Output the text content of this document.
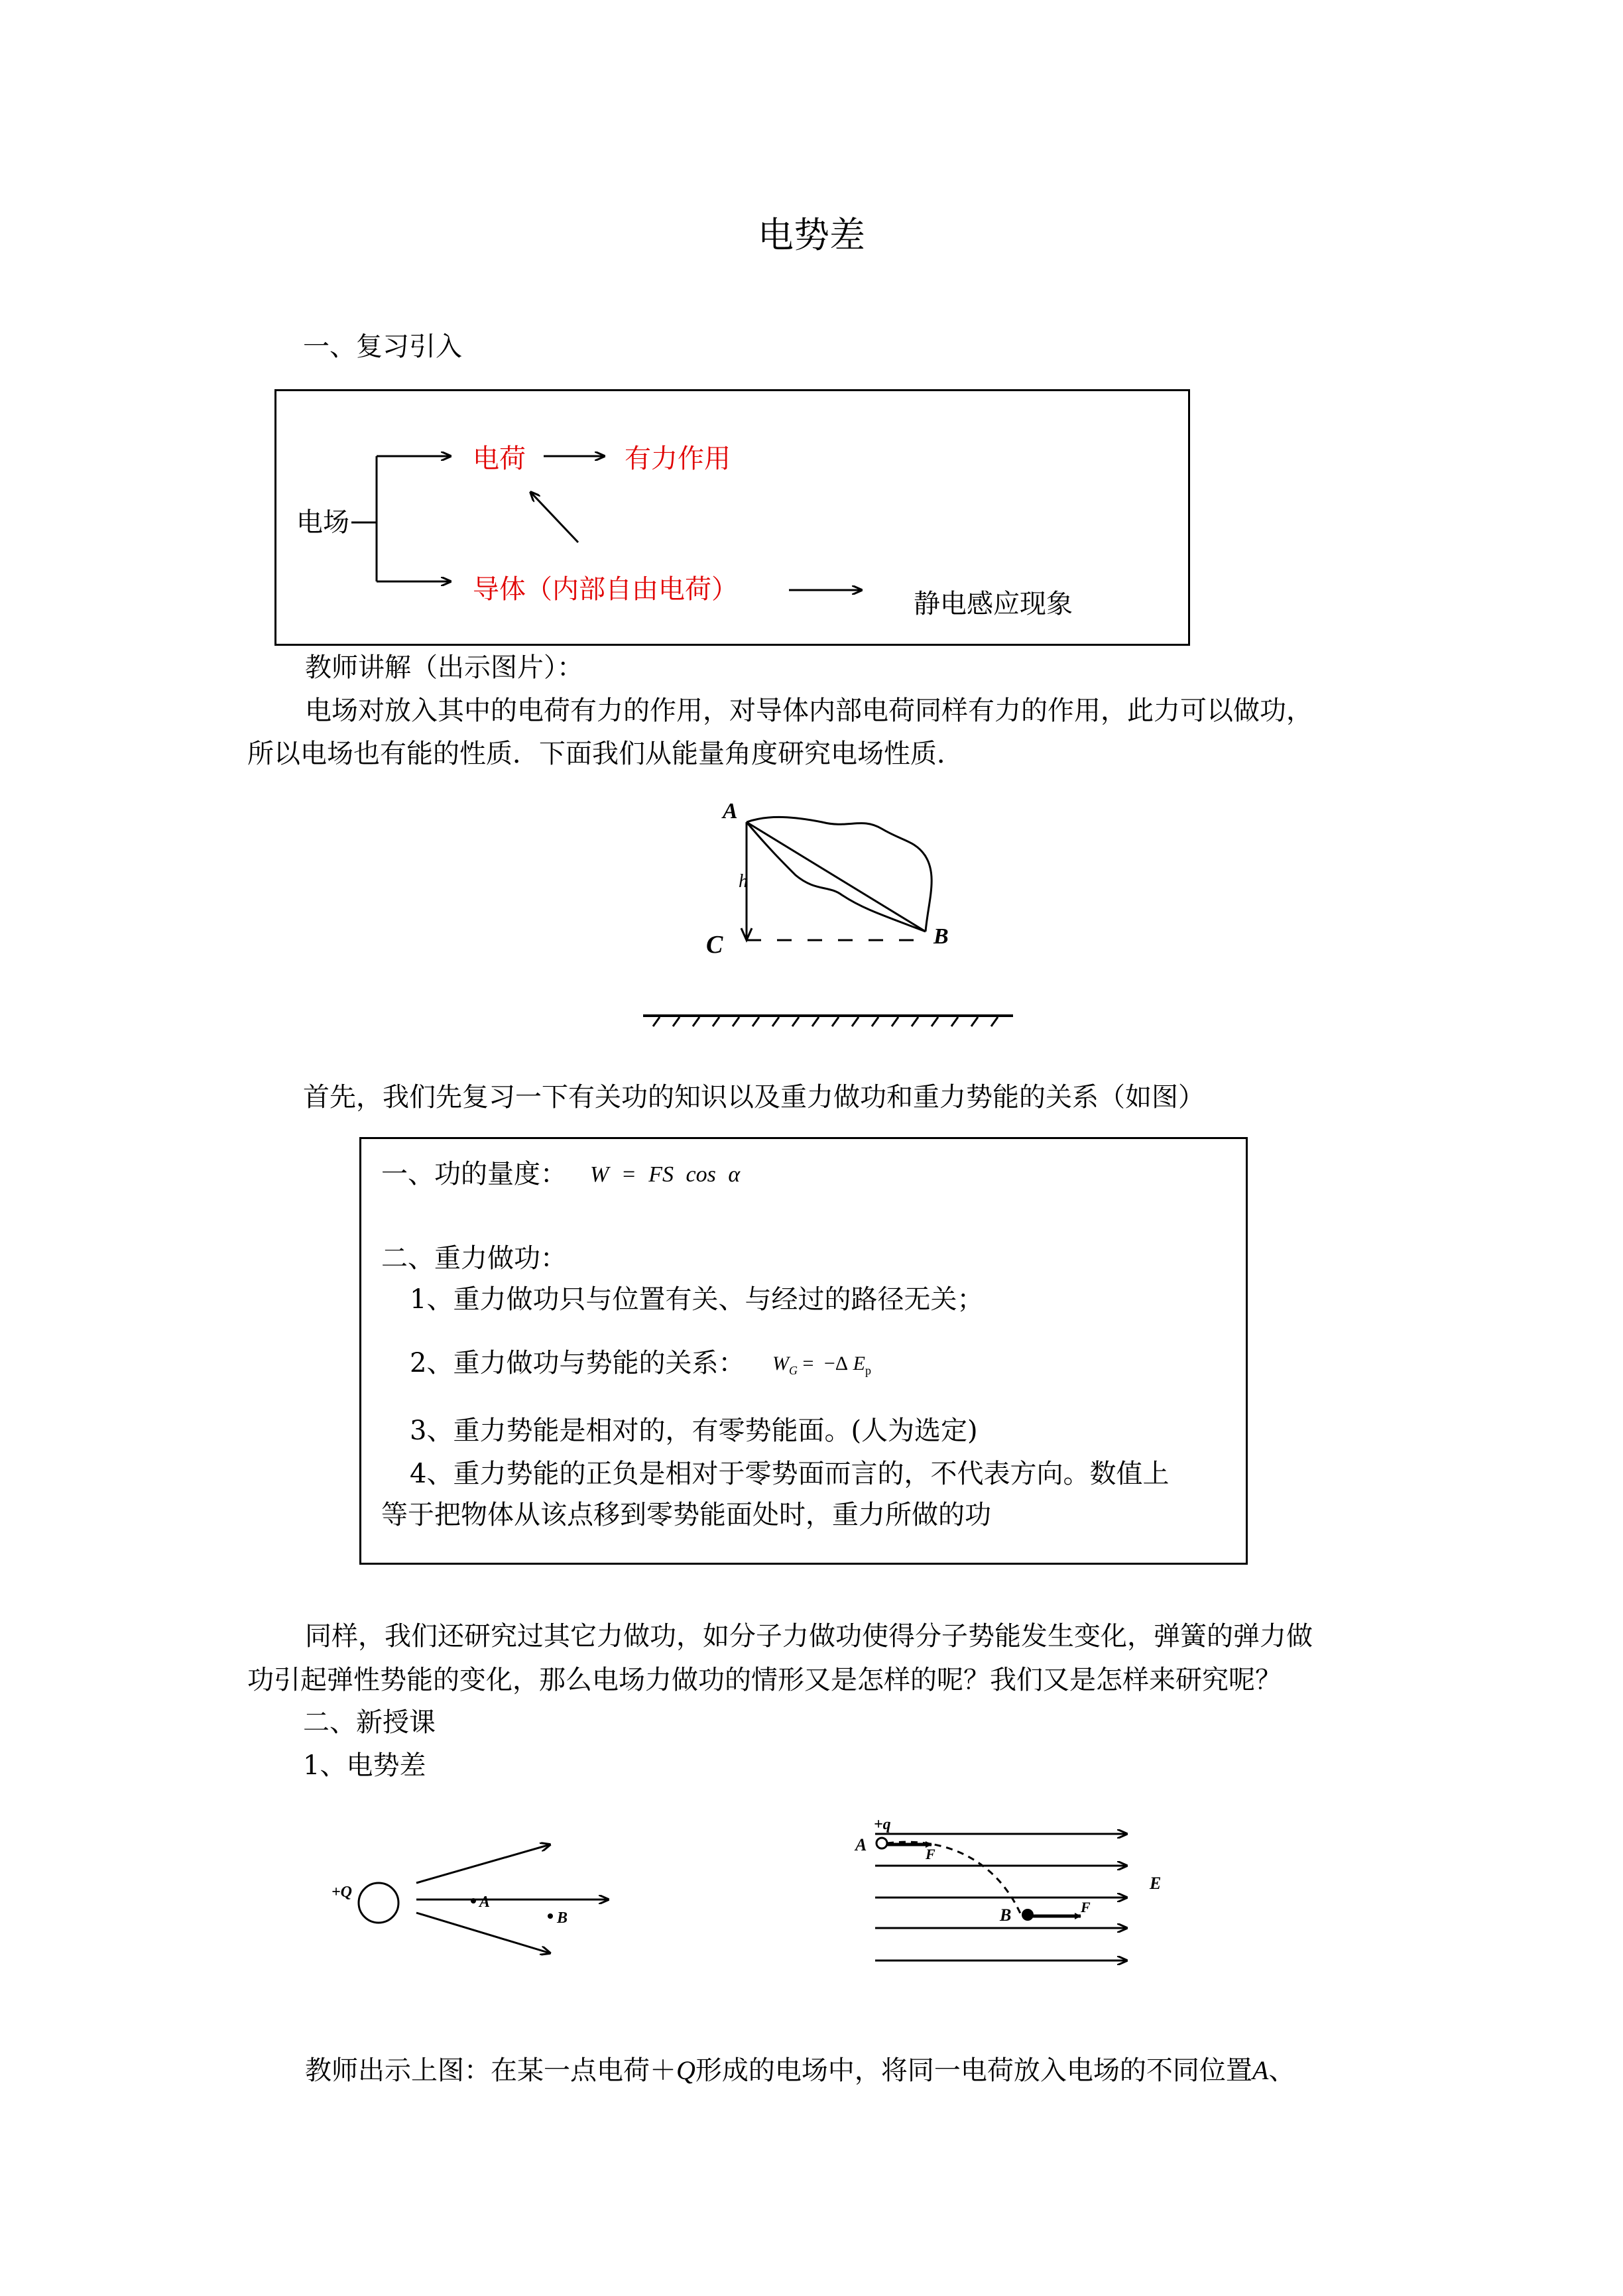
电势差
一、复习引入
电场
电荷	有力作用
导体（内部自由电荷）	静电感应现象
教师讲解（出示图片）：
电场对放入其中的电荷有力的作用，对导体内部电荷同样有力的作用，此力可以做功，
所以电场也有能的性质．下面我们从能量角度研究电场性质．
A
h
C	B
首先，我们先复习一下有关功的知识以及重力做功和重力势能的关系（如图）
一、功的量度： W = FS cos α
二、重力做功：
1、重力做功只与位置有关、与经过的路径无关；
2、重力做功与势能的关系： $W_G = -\Delta$ $E_p$
3、重力势能是相对的，有零势能面。(人为选定)
4、重力势能的正负是相对于零势面而言的，不代表方向。数值上
等于把物体从该点移到零势能面处时，重力所做的功
同样，我们还研究过其它力做功，如分子力做功使得分子势能发生变化，弹簧的弹力做
功引起弹性势能的变化，那么电场力做功的情形又是怎样的呢？我们又是怎样来研究呢？
二、新授课
1、电势差
+Q
A
B
+q
A	F
B	F
E
教师出示上图：在某一点电荷＋Q形成的电场中，将同一电荷放入电场的不同位置A、
